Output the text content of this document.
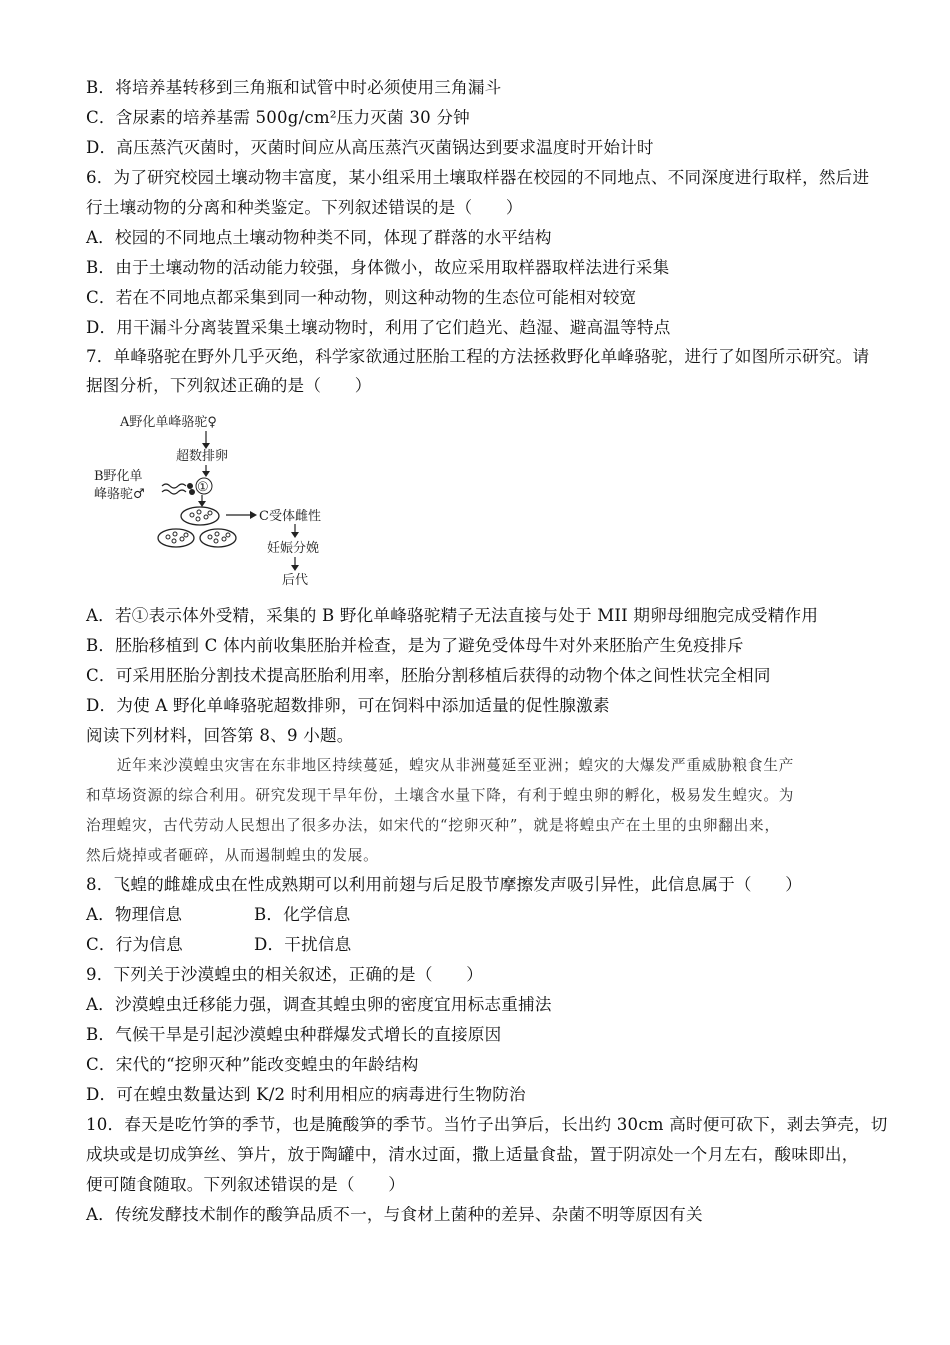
B．将培养基转移到三角瓶和试管中时必须使用三角漏斗
C．含尿素的培养基需 500g/cm²压力灭菌 30 分钟
D．高压蒸汽灭菌时，灭菌时间应从高压蒸汽灭菌锅达到要求温度时开始计时
6．为了研究校园土壤动物丰富度，某小组采用土壤取样器在校园的不同地点、不同深度进行取样，然后进
行土壤动物的分离和种类鉴定。下列叙述错误的是（　　）
A．校园的不同地点土壤动物种类不同，体现了群落的水平结构
B．由于土壤动物的活动能力较强，身体微小，故应采用取样器取样法进行采集
C．若在不同地点都采集到同一种动物，则这种动物的生态位可能相对较宽
D．用干漏斗分离装置采集土壤动物时，利用了它们趋光、趋湿、避高温等特点
7．单峰骆驼在野外几乎灭绝，科学家欲通过胚胎工程的方法拯救野化单峰骆驼，进行了如图所示研究。请
据图分析，下列叙述正确的是（　　）
A野化单峰骆驼♀
超数排卵
B野化单
峰骆驼♂	①
C受体雌性
妊娠分娩
后代
A．若①表示体外受精，采集的 B 野化单峰骆驼精子无法直接与处于 MII 期卵母细胞完成受精作用
B．胚胎移植到 C 体内前收集胚胎并检查，是为了避免受体母牛对外来胚胎产生免疫排斥
C．可采用胚胎分割技术提高胚胎利用率，胚胎分割移植后获得的动物个体之间性状完全相同
D．为使 A 野化单峰骆驼超数排卵，可在饲料中添加适量的促性腺激素
阅读下列材料，回答第 8、9 小题。
　　近年来沙漠蝗虫灾害在东非地区持续蔓延，蝗灾从非洲蔓延至亚洲；蝗灾的大爆发严重威胁粮食生产
和草场资源的综合利用。研究发现干旱年份，土壤含水量下降，有利于蝗虫卵的孵化，极易发生蝗灾。为
治理蝗灾，古代劳动人民想出了很多办法，如宋代的“挖卵灭种”，就是将蝗虫产在土里的虫卵翻出来，
然后烧掉或者砸碎，从而遏制蝗虫的发展。
8．飞蝗的雌雄成虫在性成熟期可以利用前翅与后足股节摩擦发声吸引异性，此信息属于（　　）
A．物理信息	B．化学信息
C．行为信息	D．干扰信息
9．下列关于沙漠蝗虫的相关叙述，正确的是（　　）
A．沙漠蝗虫迁移能力强，调查其蝗虫卵的密度宜用标志重捕法
B．气候干旱是引起沙漠蝗虫种群爆发式增长的直接原因
C．宋代的“挖卵灭种”能改变蝗虫的年龄结构
D．可在蝗虫数量达到 K/2 时利用相应的病毒进行生物防治
10．春天是吃竹笋的季节，也是腌酸笋的季节。当竹子出笋后，长出约 30cm 高时便可砍下，剥去笋壳，切
成块或是切成笋丝、笋片，放于陶罐中，清水过面，撒上适量食盐，置于阴凉处一个月左右，酸味即出，
便可随食随取。下列叙述错误的是（　　）
A．传统发酵技术制作的酸笋品质不一，与食材上菌种的差异、杂菌不明等原因有关
